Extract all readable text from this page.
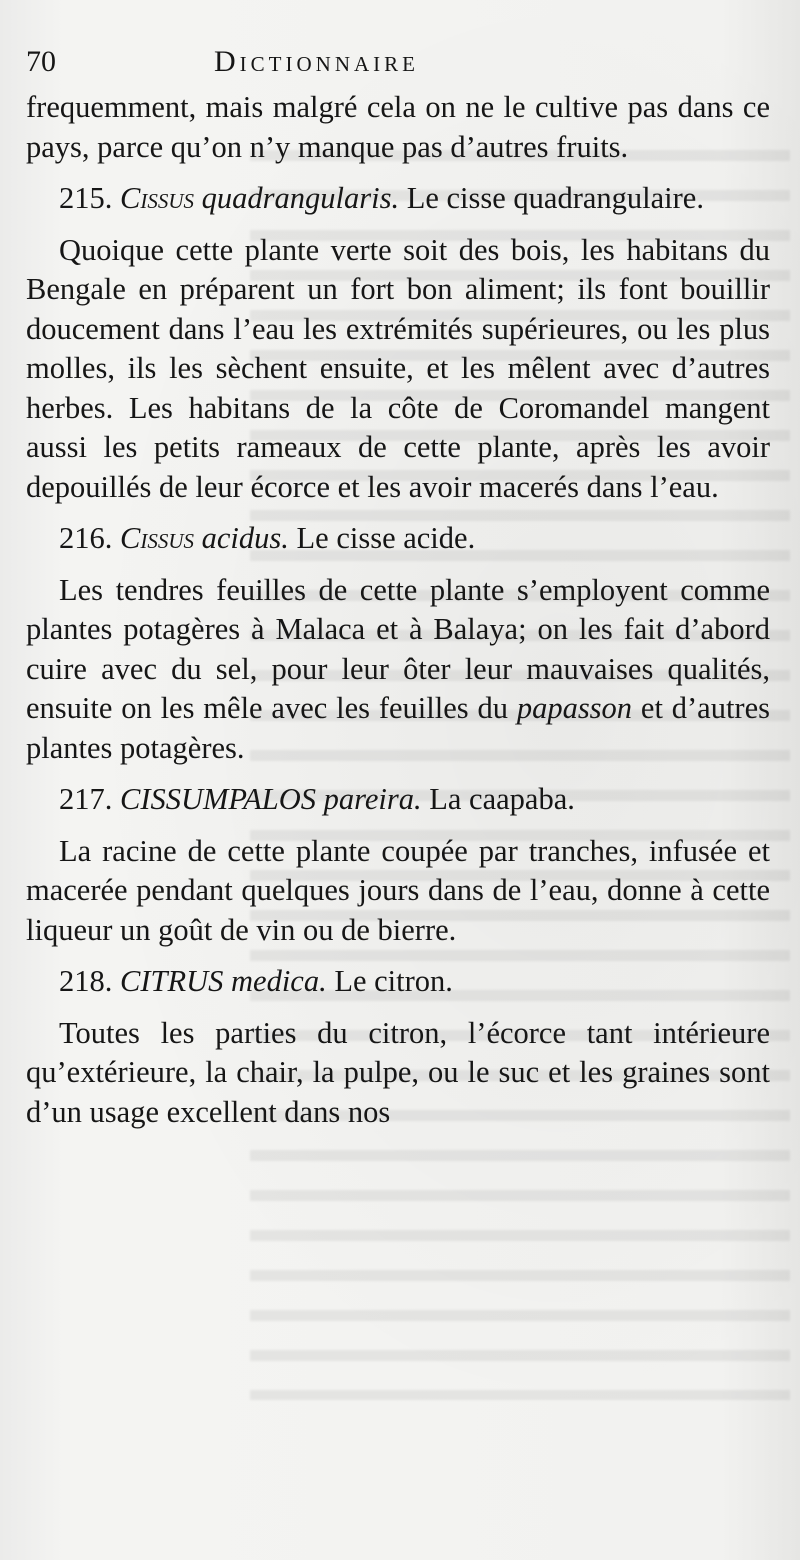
70	Dictionnaire

frequemment, mais malgré cela on ne le cultive pas dans ce pays, parce qu’on n’y manque pas d’autres fruits.

215. Cissus quadrangularis. Le cisse quadrangulaire.

Quoique cette plante verte soit des bois, les habitans du Bengale en préparent un fort bon aliment; ils font bouillir doucement dans l’eau les extrémités supérieures, ou les plus molles, ils les sèchent ensuite, et les mêlent avec d’autres herbes. Les habitans de la côte de Coromandel mangent aussi les petits rameaux de cette plante, après les avoir depouillés de leur écorce et les avoir macerés dans l’eau.

216. Cissus acidus. Le cisse acide.

Les tendres feuilles de cette plante s’employent comme plantes potagères à Malaca et à Balaya; on les fait d’abord cuire avec du sel, pour leur ôter leur mauvaises qualités, ensuite on les mêle avec les feuilles du papasson et d’autres plantes potagères.

217. CISSUMPALOS pareira. La caapaba.

La racine de cette plante coupée par tranches, infusée et macerée pendant quelques jours dans de l’eau, donne à cette liqueur un goût de vin ou de bierre.

218. CITRUS medica. Le citron.

Toutes les parties du citron, l’écorce tant intérieure qu’extérieure, la chair, la pulpe, ou le suc et les graines sont d’un usage excellent dans nos
